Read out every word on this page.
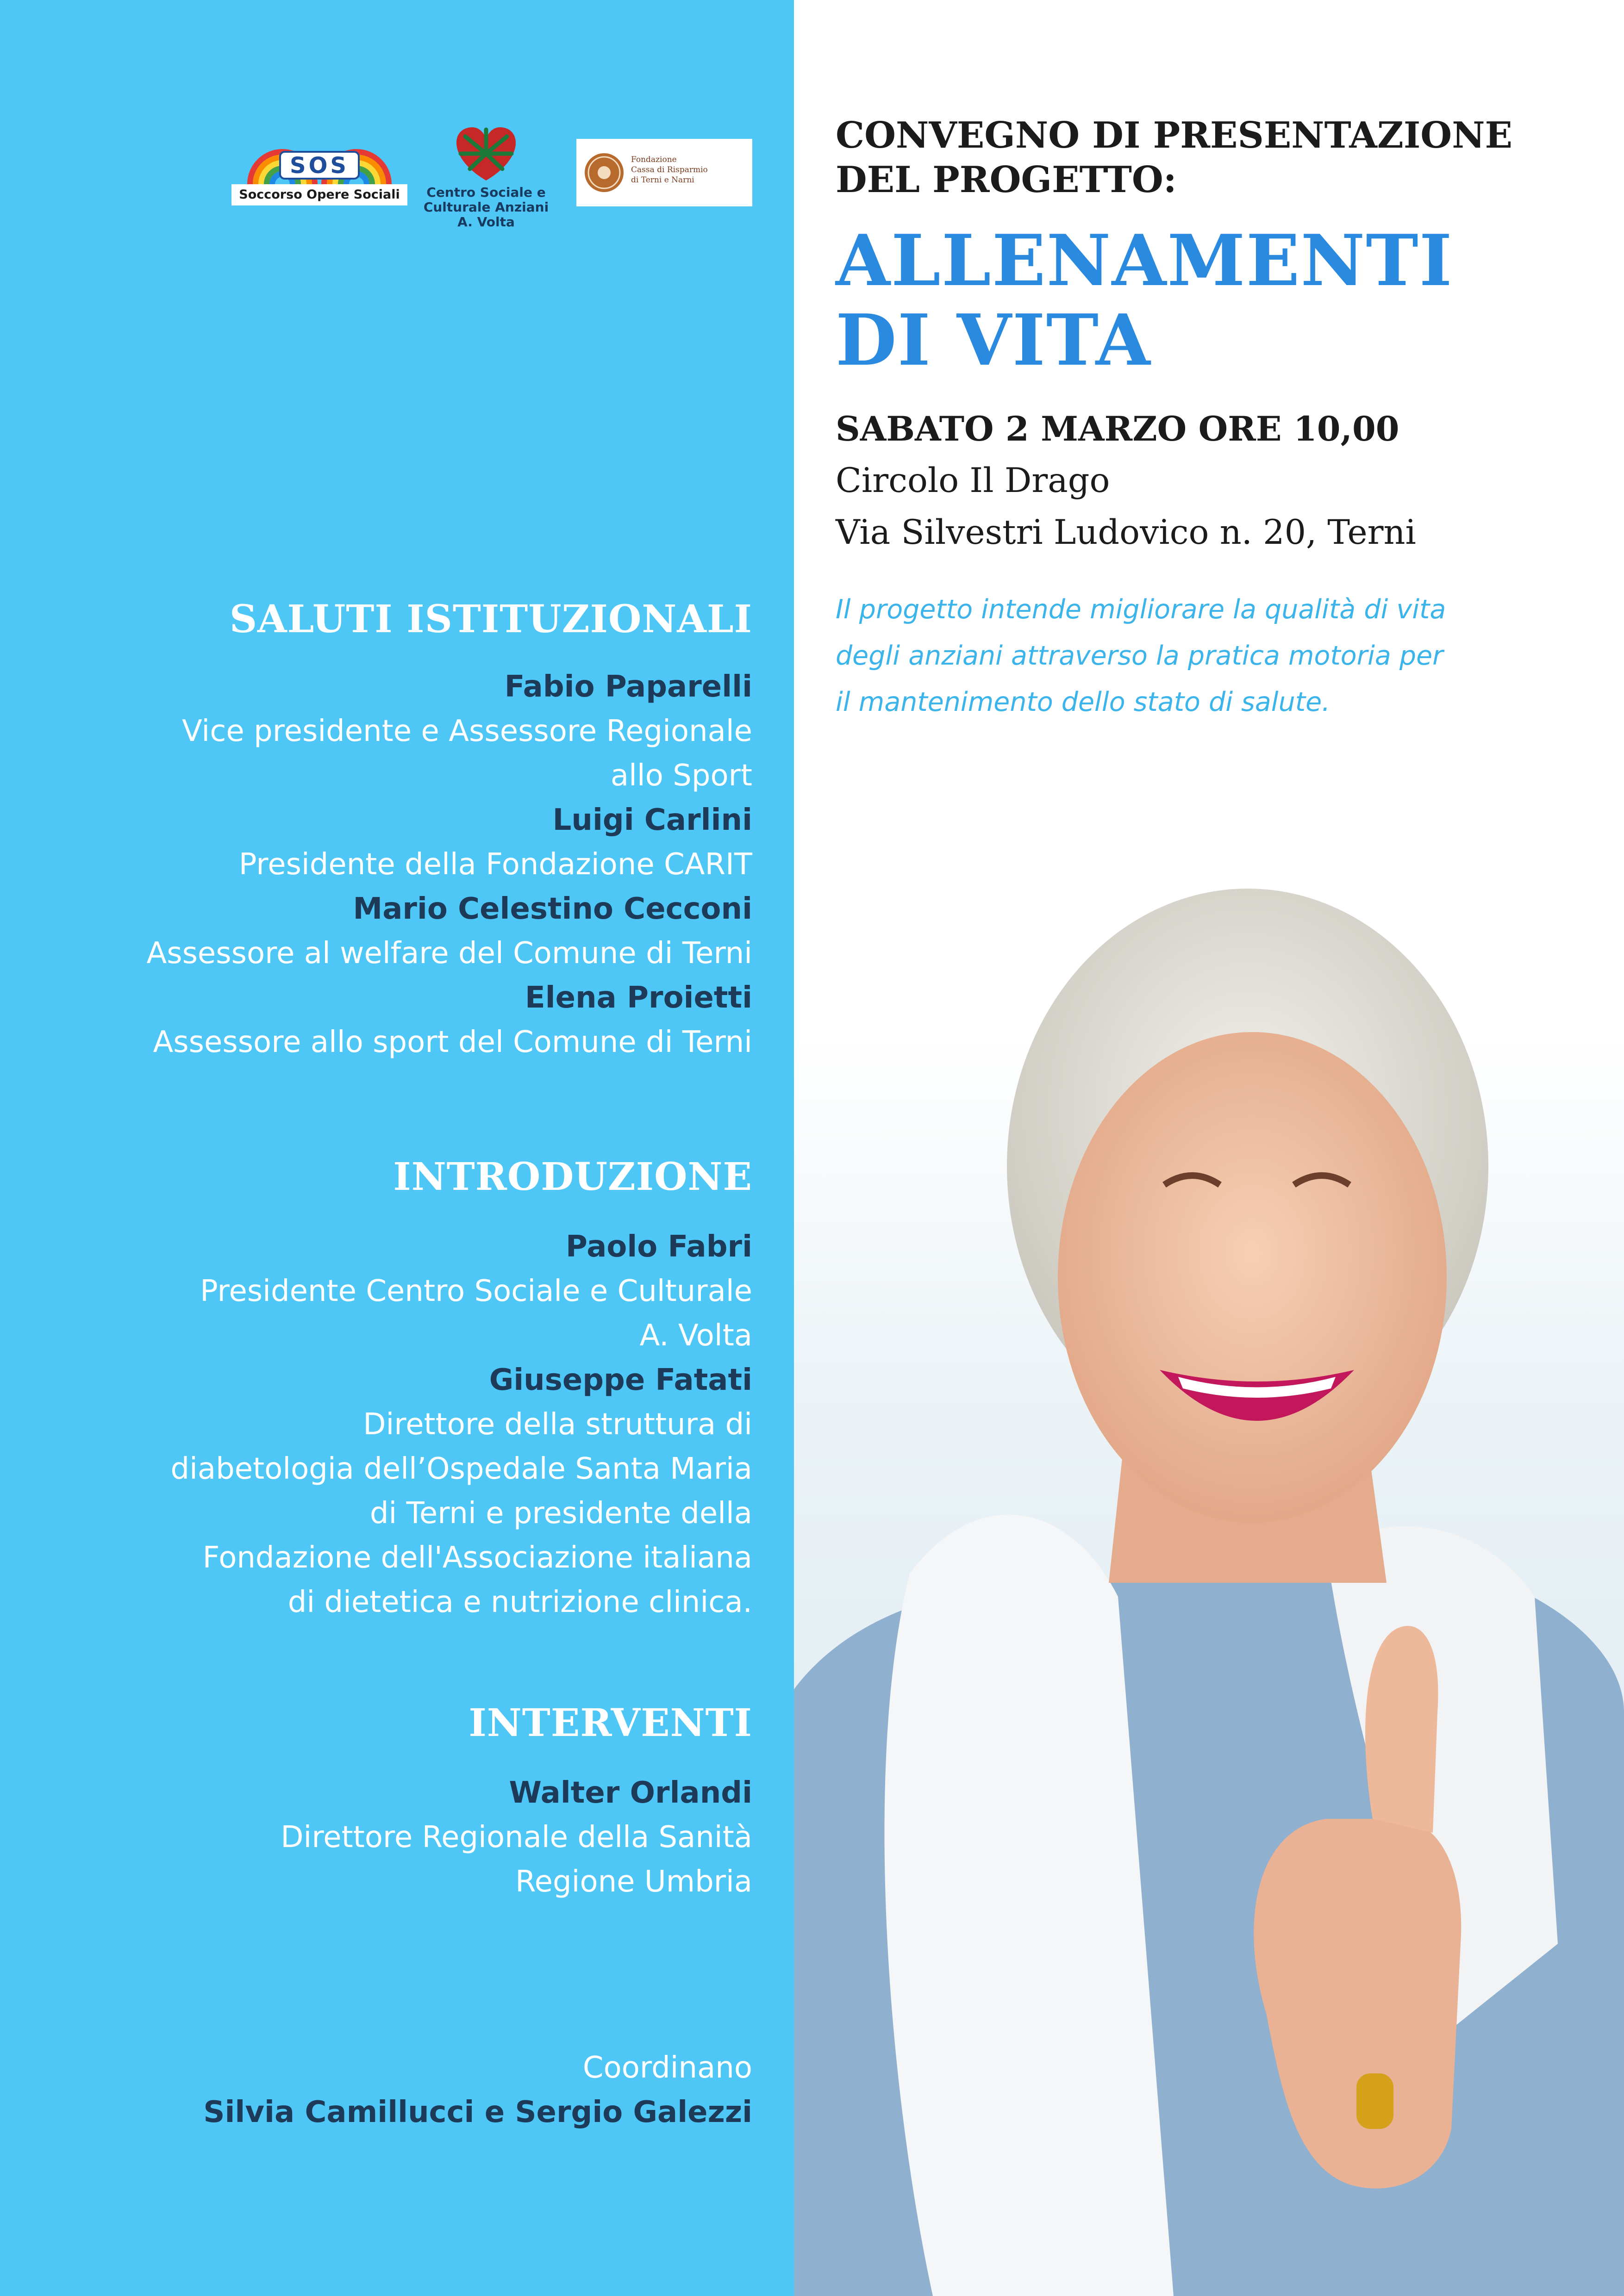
SOS
Soccorso Opere Sociali	Centro Sociale e
Culturale Anziani
A. Volta
Fondazione
Cassa di Risparmio
di Terni e Narni
SALUTI ISTITUZIONALI
Fabio Paparelli
Vice presidente e Assessore Regionale
allo Sport
Luigi Carlini
Presidente della Fondazione CARIT
Mario Celestino Cecconi
Assessore al welfare del Comune di Terni
Elena Proietti
Assessore allo sport del Comune di Terni
INTRODUZIONE
Paolo Fabri
Presidente Centro Sociale e Culturale
A. Volta
Giuseppe Fatati
Direttore della struttura di
diabetologia dell’Ospedale Santa Maria
di Terni e presidente della
Fondazione dell'Associazione italiana
di dietetica e nutrizione clinica.
INTERVENTI
Walter Orlandi
Direttore Regionale della Sanità
Regione Umbria
Coordinano
Silvia Camillucci e Sergio Galezzi
CONVEGNO DI PRESENTAZIONE
DEL PROGETTO:
ALLENAMENTI
DI VITA
SABATO 2 MARZO ORE 10,00
Circolo Il Drago
Via Silvestri Ludovico n. 20, Terni
Il progetto intende migliorare la qualità di vita
degli anziani attraverso la pratica motoria per
il mantenimento dello stato di salute.
